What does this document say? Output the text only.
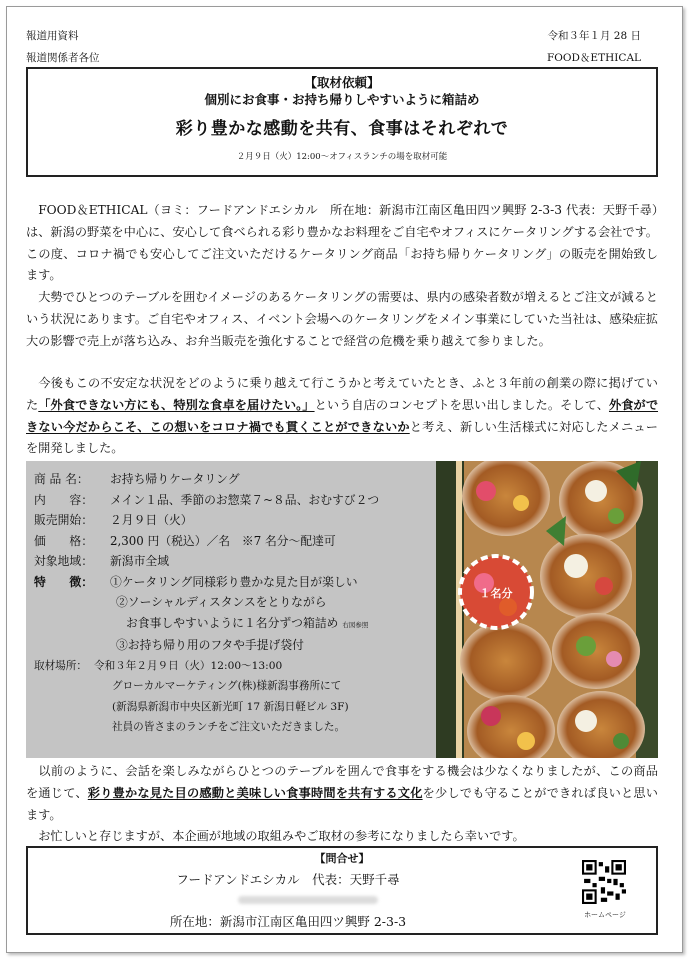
報道用資料
報道関係者各位
令和３年１月 28 日
FOOD＆ETHICAL
【取材依頼】
個別にお食事・お持ち帰りしやすいように箱詰め
彩り豊かな感動を共有、食事はそれぞれで
２月９日（火）12:00〜オフィスランチの場を取材可能
 FOOD＆ETHICAL（ヨミ：フードアンドエシカル　所在地：新潟市江南区亀田四ツ興野 2-3-3 代表：天野千尋）は、新潟の野菜を中心に、安心して食べられる彩り豊かなお料理をご自宅やオフィスにケータリングする会社です。この度、コロナ禍でも安心してご注文いただけるケータリング商品「お持ち帰りケータリング」の販売を開始致します。
 大勢でひとつのテーブルを囲むイメージのあるケータリングの需要は、県内の感染者数が増えるとご注文が減るという状況にあります。ご自宅やオフィス、イベント会場へのケータリングをメイン事業にしていた当社は、感染症拡大の影響で売上が落ち込み、お弁当販売を強化することで経営の危機を乗り越えて参りました。
 今後もこの不安定な状況をどのように乗り越えて行こうかと考えていたとき、ふと３年前の創業の際に掲げていた「外食できない方にも、特別な食卓を届けたい。」という自店のコンセプトを思い出しました。そして、外食ができない今だからこそ、この想いをコロナ禍でも貫くことができないかと考え、新しい生活様式に対応したメニューを開発しました。
商 品 名： お持ち帰りケータリング
内　　容： メイン１品、季節のお惣菜７~８品、おむすび２つ
販売開始： ２月９日（火）
価　　格： 2,300 円（税込）／名　※7 名分～配達可
対象地域： 新潟市全域
特　　徴： ①ケータリング同様彩り豊かな見た目が楽しい
②ソーシャルディスタンスをとりながら
お食事しやすいように１名分ずつ箱詰め 右図参照
③お持ち帰り用のフタや手提げ袋付
取材場所： 令和３年２月９日（火）12:00～13:00
グローカルマーケティング(株)様新潟事務所にて
(新潟県新潟市中央区新光町 17 新潟日軽ビル 3F)
社員の皆さまのランチをご注文いただきました。
１名分
 以前のように、会話を楽しみながらひとつのテーブルを囲んで食事をする機会は少なくなりましたが、この商品を通じて、彩り豊かな見た目の感動と美味しい食事時間を共有する文化を少しでも守ることができれば良いと思います。
 お忙しいと存じますが、本企画が地域の取組みやご取材の参考になりましたら幸いです。
【問合せ】
フードアンドエシカル　代表：天野千尋
所在地：新潟市江南区亀田四ツ興野 2-3-3	ホームページ
